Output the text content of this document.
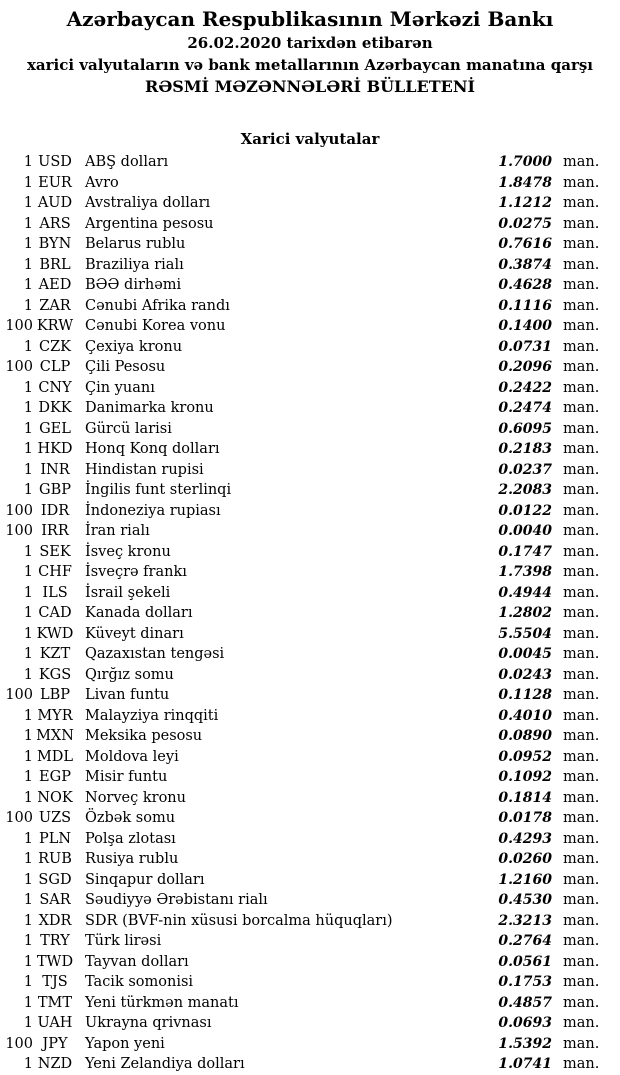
Azərbaycan Respublikasının Mərkəzi Bankı
26.02.2020 tarixdən etibarən
xarici valyutaların və bank metallarının Azərbaycan manatına qarşı
RƏSMİ MƏZƏNNƏLƏRİ BÜLLETENİ
Xarici valyutalar
1 USD ABŞ dolları	1.7000 man.
1 EUR Avro	1.8478 man.
1 AUD Avstraliya dolları	1.1212 man.
1 ARS Argentina pesosu	0.0275 man.
1 BYN Belarus rublu	0.7616 man.
1 BRL Braziliya rialı	0.3874 man.
1 AED BƏƏ dirhəmi	0.4628 man.
1 ZAR Cənubi Afrika randı	0.1116 man.
100 KRW Cənubi Korea vonu	0.1400 man.
1 CZK Çexiya kronu	0.0731 man.
100 CLP	Çili Pesosu	0.2096 man.
1 CNY Çin yuanı	0.2422 man.
1 DKK Danimarka kronu	0.2474 man.
1 GEL Gürcü larisi	0.6095 man.
1 HKD Honq Konq dolları	0.2183 man.
1 INR	Hindistan rupisi	0.0237 man.
1 GBP İngilis funt sterlinqi	2.2083 man.
100 IDR	İndoneziya rupiası	0.0122 man.
100 IRR	İran rialı	0.0040 man.
1 SEK İsveç kronu	0.1747 man.
1 CHF İsveçrə frankı	1.7398 man.
1 ILS	İsrail şekeli	0.4944 man.
1 CAD Kanada dolları	1.2802 man.
1 KWD Küveyt dinarı	5.5504 man.
1 KZT	Qazaxıstan tengəsi	0.0045 man.
1 KGS Qırğız somu	0.0243 man.
100 LBP	Livan funtu	0.1128 man.
1 MYR Malayziya rinqqiti	0.4010 man.
1 MXN Meksika pesosu	0.0890 man.
1 MDL Moldova leyi	0.0952 man.
1 EGP Misir funtu	0.1092 man.
1 NOK Norveç kronu	0.1814 man.
100 UZS Özbək somu	0.0178 man.
1 PLN Polşa zlotası	0.4293 man.
1 RUB Rusiya rublu	0.0260 man.
1 SGD Sinqapur dolları	1.2160 man.
1 SAR Səudiyyə Ərəbistanı rialı	0.4530 man.
1 XDR SDR (BVF-nin xüsusi borcalma hüquqları)	2.3213 man.
1 TRY	Türk lirəsi	0.2764 man.
1 TWD Tayvan dolları	0.0561 man.
1 TJS	Tacik somonisi	0.1753 man.
1 TMT Yeni türkmən manatı	0.4857 man.
1 UAH Ukrayna qrivnası	0.0693 man.
100 JPY	Yapon yeni	1.5392 man.
1 NZD Yeni Zelandiya dolları	1.0741 man.
